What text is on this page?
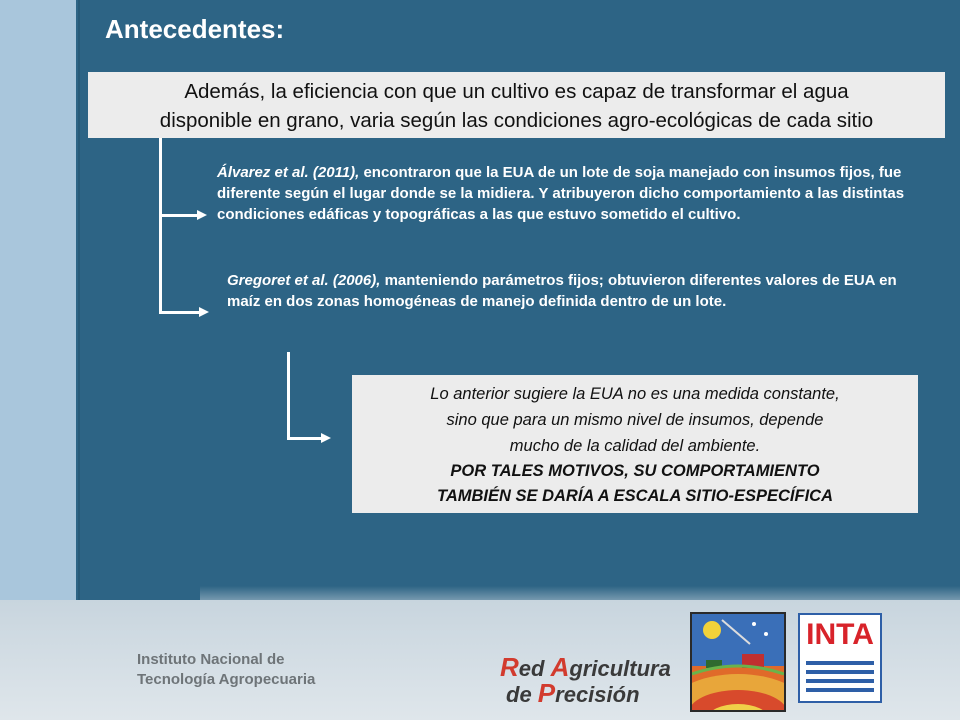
Antecedentes:
Además, la eficiencia con que un cultivo es capaz de transformar el agua
disponible en grano, varia según las condiciones agro-ecológicas de cada sitio

Álvarez et al. (2011), encontraron que la EUA de un lote de soja manejado con insumos fijos, fue diferente según el lugar donde se la midiera. Y atribuyeron dicho comportamiento a las distintas condiciones edáficas y topográficas a las que estuvo sometido el cultivo.

Gregoret et al. (2006), manteniendo parámetros fijos; obtuvieron diferentes valores de EUA en maíz en dos zonas homogéneas de manejo definida dentro de un lote.

Lo anterior sugiere la EUA no es una medida constante,
sino que para un mismo nivel de insumos, depende
mucho de la calidad del ambiente.
POR TALES MOTIVOS, SU COMPORTAMIENTO
TAMBIÉN SE DARÍA A ESCALA SITIO-ESPECÍFICA
Instituto Nacional de
Tecnología Agropecuaria	Red Agricultura
de Precisión
INTA
